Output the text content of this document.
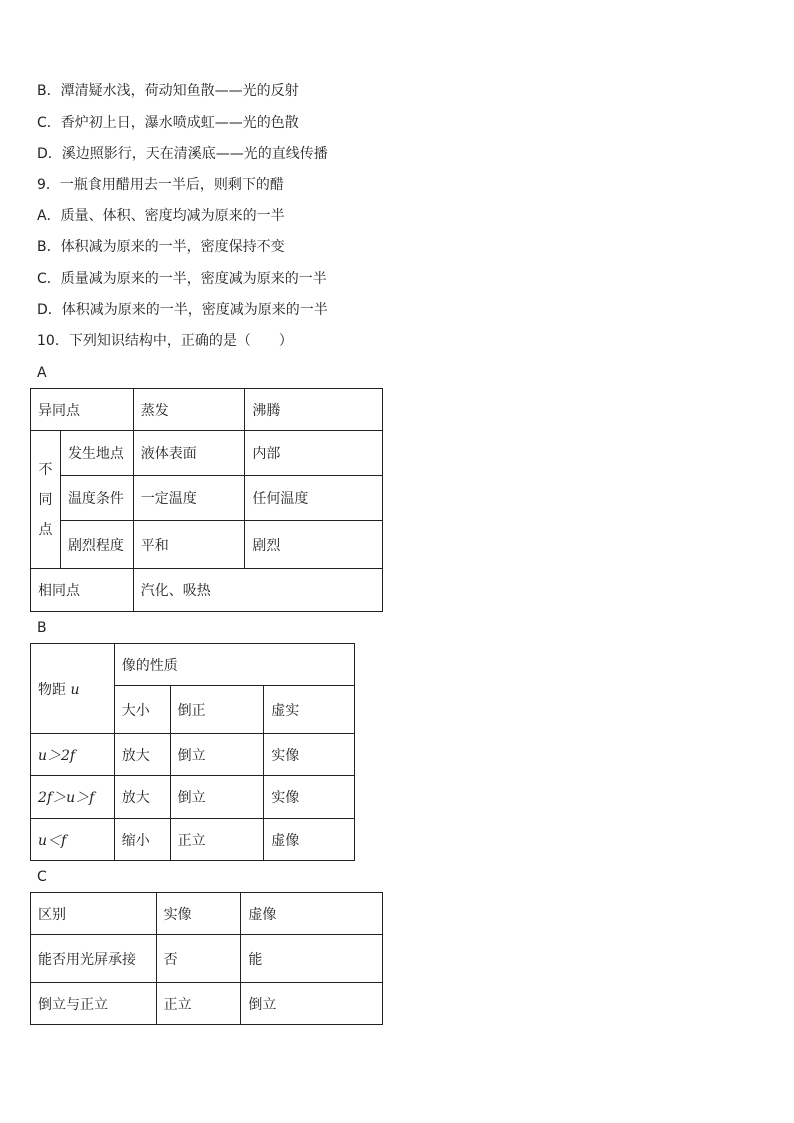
B．潭清疑水浅，荷动知鱼散——光的反射
C．香炉初上日，瀑水喷成虹——光的色散
D．溪边照影行，天在清溪底——光的直线传播
9．一瓶食用醋用去一半后，则剩下的醋
A．质量、体积、密度均减为原来的一半
B．体积减为原来的一半，密度保持不变
C．质量减为原来的一半，密度减为原来的一半
D．体积减为原来的一半，密度减为原来的一半
10．下列知识结构中，正确的是（　　）
A
异同点		蒸发	沸腾

不
同
点	发生地点	液体表面	内部
	温度条件	一定温度	任何温度
	剧烈程度	平和	剧烈
相同点		汽化、吸热	
B
物距 u	像的性质		
	大小	倒正	虚实
u＞2f	放大	倒立	实像
2f＞u＞f	放大	倒立	实像
u＜f	缩小	正立	虚像
C
区别	实像	虚像
能否用光屏承接	否	能
倒立与正立	正立	倒立
